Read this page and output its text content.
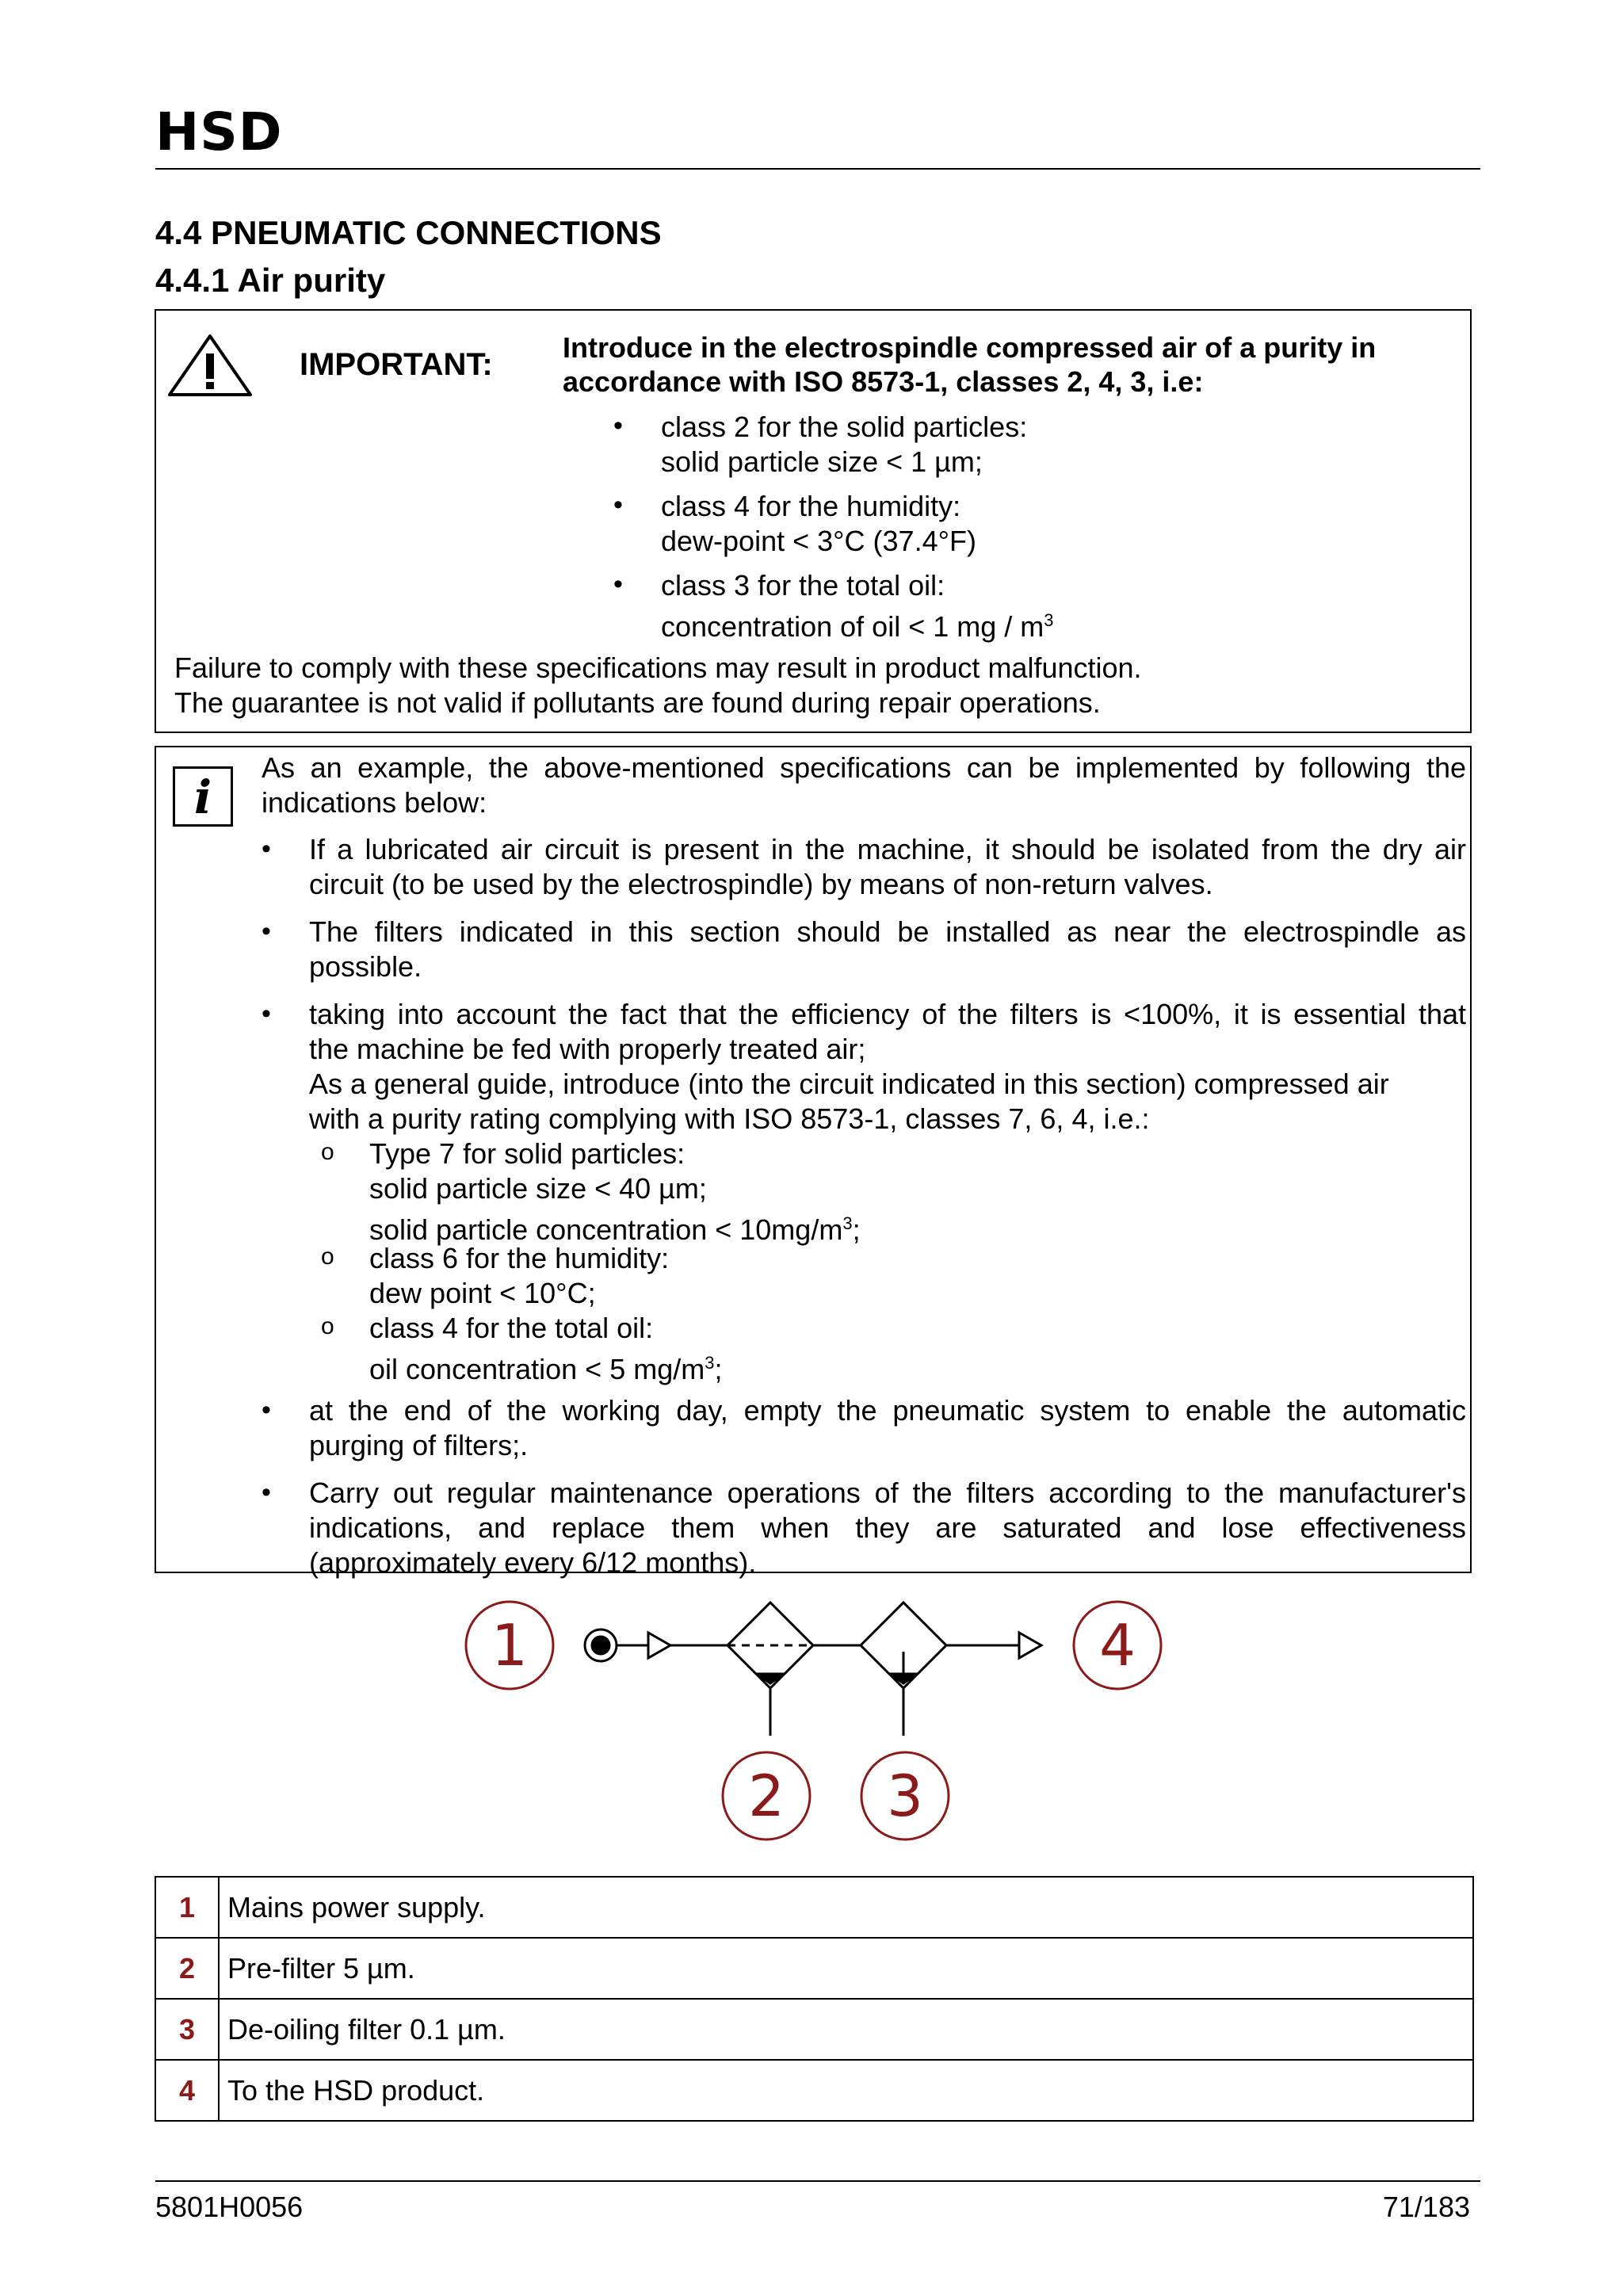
HSD
4.4 PNEUMATIC CONNECTIONS
4.4.1 Air purity
IMPORTANT: Introduce in the electrospindle compressed air of a purity in
accordance with ISO 8573-1, classes 2, 4, 3, i.e:
• class 2 for the solid particles:
solid particle size < 1 µm;
• class 4 for the humidity:
dew-point < 3°C (37.4°F)
• class 3 for the total oil:
concentration of oil < 1 mg / $m^3$
Failure to comply with these specifications may result in product malfunction.
The guarantee is not valid if pollutants are found during repair operations.
i
As an example, the above-mentioned specifications can be implemented by following the
indications below:
• If a lubricated air circuit is present in the machine, it should be isolated from the dry air
circuit (to be used by the electrospindle) by means of non-return valves.
• The filters indicated in this section should be installed as near the electrospindle as
possible.
• taking into account the fact that the efficiency of the filters is <100%, it is essential that
the machine be fed with properly treated air;
As a general guide, introduce (into the circuit indicated in this section) compressed air
with a purity rating complying with ISO 8573-1, classes 7, 6, 4, i.e.:
o Type 7 for solid particles:
solid particle size < 40 µm;
solid particle concentration < $10mg/m^3$;
o class 6 for the humidity:
dew point < 10°C;
o class 4 for the total oil:
oil concentration < 5 $mg/m^3$;
• at the end of the working day, empty the pneumatic system to enable the automatic
purging of filters;.
• Carry out regular maintenance operations of the filters according to the manufacturer's
indications, and replace them when they are saturated and lose effectiveness
(approximately every 6/12 months).
1	4
2 3
1	Mains power supply.
2	Pre-filter 5 µm.
3	De-oiling filter 0.1 µm.
4	To the HSD product.
5801H0056	71/183
